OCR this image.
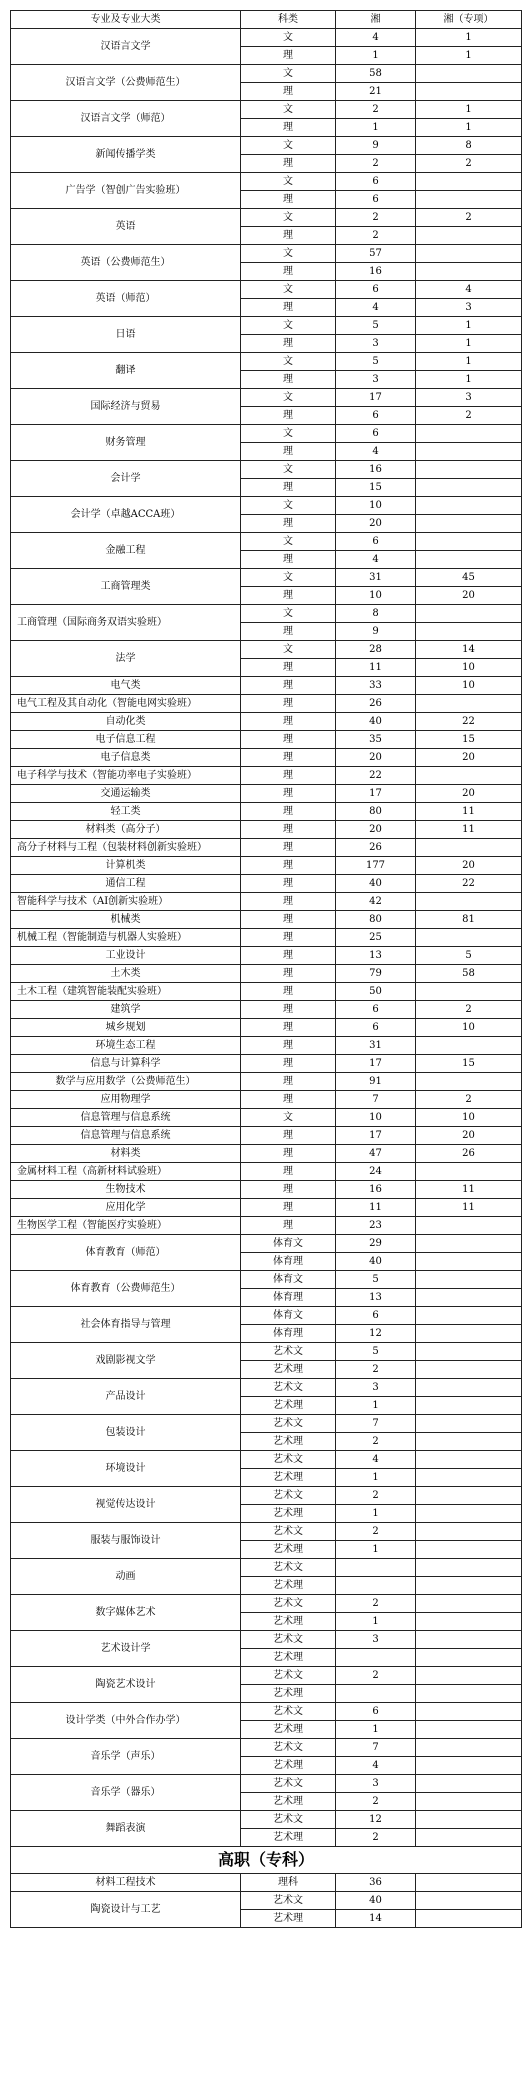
专业及专业大类	科类	湘	湘（专项）
汉语言文学	文	4	1
	理	1	1
汉语言文学（公费师范生）	文	58	
	理	21	
汉语言文学（师范）	文	2	1
	理	1	1
新闻传播学类	文	9	8
	理	2	2
广告学（智创广告实验班）	文	6	
	理	6	
英语	文	2	2
	理	2	
英语（公费师范生）	文	57	
	理	16	
英语（师范）	文	6	4
	理	4	3
日语	文	5	1
	理	3	1
翻译	文	5	1
	理	3	1
国际经济与贸易	文	17	3
	理	6	2
财务管理	文	6	
	理	4	
会计学	文	16	
	理	15	
会计学（卓越ACCA班）	文	10	
	理	20	
金融工程	文	6	
	理	4	
工商管理类	文	31	45
	理	10	20
工商管理（国际商务双语实验班）	文	8	
	理	9	
法学	文	28	14
	理	11	10
电气类	理	33	10
电气工程及其自动化（智能电网实验班）	理	26	
自动化类	理	40	22
电子信息工程	理	35	15
电子信息类	理	20	20
电子科学与技术（智能功率电子实验班）	理	22	
交通运输类	理	17	20
轻工类	理	80	11
材料类（高分子）	理	20	11
高分子材料与工程（包装材料创新实验班）	理	26	
计算机类	理	177	20
通信工程	理	40	22
智能科学与技术（AI创新实验班）	理	42	
机械类	理	80	81
机械工程（智能制造与机器人实验班）	理	25	
工业设计	理	13	5
土木类	理	79	58
土木工程（建筑智能装配实验班）	理	50	
建筑学	理	6	2
城乡规划	理	6	10
环境生态工程	理	31	
信息与计算科学	理	17	15
数学与应用数学（公费师范生）	理	91	
应用物理学	理	7	2
信息管理与信息系统	文	10	10
信息管理与信息系统	理	17	20
材料类	理	47	26
金属材料工程（高新材料试验班）	理	24	
生物技术	理	16	11
应用化学	理	11	11
生物医学工程（智能医疗实验班）	理	23	
体育教育（师范）	体育文	29	
	体育理	40	
体育教育（公费师范生）	体育文	5	
	体育理	13	
社会体育指导与管理	体育文	6	
	体育理	12	
戏剧影视文学	艺术文	5	
	艺术理	2	
产品设计	艺术文	3	
	艺术理	1	
包装设计	艺术文	7	
	艺术理	2	
环境设计	艺术文	4	
	艺术理	1	
视觉传达设计	艺术文	2	
	艺术理	1	
服装与服饰设计	艺术文	2	
	艺术理	1	
动画	艺术文		
	艺术理		
数字媒体艺术	艺术文	2	
	艺术理	1	
艺术设计学	艺术文	3	
	艺术理		
陶瓷艺术设计	艺术文	2	
	艺术理		
设计学类（中外合作办学）	艺术文	6	
	艺术理	1	
音乐学（声乐）	艺术文	7	
	艺术理	4	
音乐学（器乐）	艺术文	3	
	艺术理	2	
舞蹈表演	艺术文	12	
	艺术理	2	
高职（专科）			
材料工程技术	理科	36	
陶瓷设计与工艺	艺术文	40	
	艺术理	14	
